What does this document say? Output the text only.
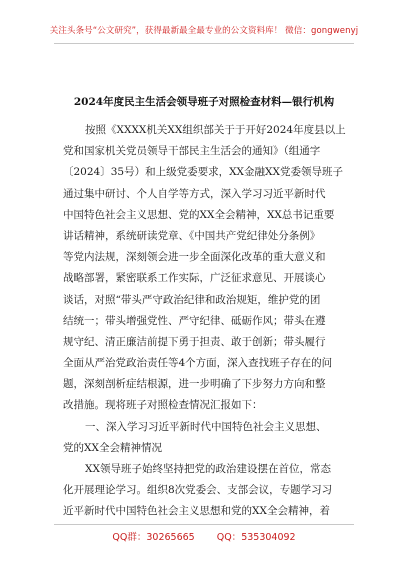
关注头条号“公文研究”，获得最新最全最专业的公文资料库！ 微信：gongwenyj
2024年度民主生活会领导班子对照检查材料—银行机构
按照《XXXX机关XX组织部关于于开好2024年度县以上
党和国家机关党员领导干部民主生活会的通知》（组通字
〔2024〕35号）和上级党委要求，XX金融XX党委领导班子
通过集中研讨、个人自学等方式，深入学习习近平新时代
中国特色社会主义思想、党的XX全会精神，XX总书记重要
讲话精神，系统研读党章、《中国共产党纪律处分条例》
等党内法规，深刻领会进一步全面深化改革的重大意义和
战略部署，紧密联系工作实际，广泛征求意见、开展谈心
谈话，对照“带头严守政治纪律和政治规矩，维护党的团
结统一；带头增强党性、严守纪律、砥砺作风；带头在遵
规守纪、清正廉洁前提下勇于担责、敢于创新；带头履行
全面从严治党政治责任等4个方面，深入查找班子存在的问
题，深刻剖析症结根源，进一步明确了下步努力方向和整
改措施。现将班子对照检查情况汇报如下：
一、深入学习习近平新时代中国特色社会主义思想、
党的XX全会精神情况
XX领导班子始终坚持把党的政治建设摆在首位，常态
化开展理论学习。组织8次党委会、支部会议，专题学习习
近平新时代中国特色社会主义思想和党的XX全会精神，着
QQ群：30265665 QQ：535304092
